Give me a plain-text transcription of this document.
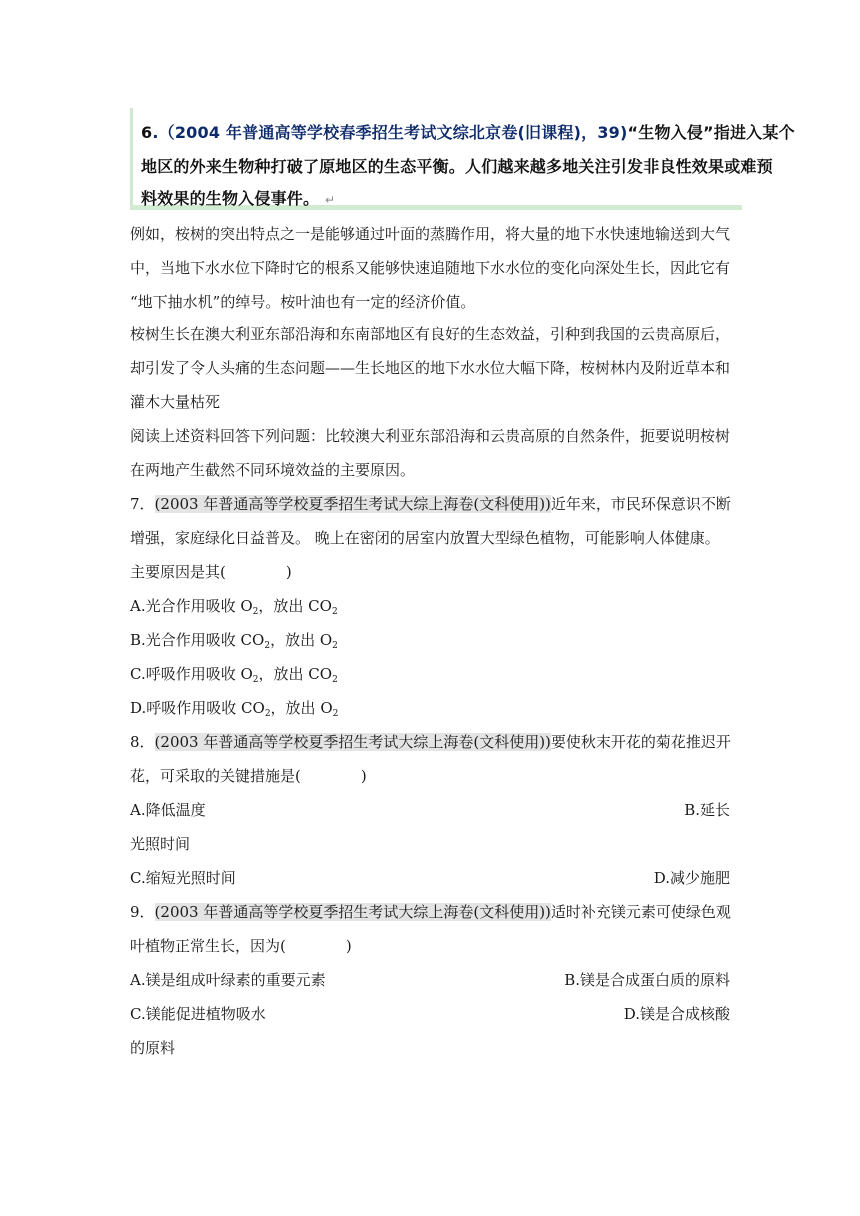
6.（2004 年普通高等学校春季招生考试文综北京卷(旧课程)，39)“生物入侵”指进入某个
地区的外来生物种打破了原地区的生态平衡。人们越来越多地关注引发非良性效果或难预
料效果的生物入侵事件。 ↵
例如，桉树的突出特点之一是能够通过叶面的蒸腾作用，将大量的地下水快速地输送到大气
中，当地下水水位下降时它的根系又能够快速追随地下水水位的变化向深处生长，因此它有
“地下抽水机”的绰号。桉叶油也有一定的经济价值。
桉树生长在澳大利亚东部沿海和东南部地区有良好的生态效益，引种到我国的云贵高原后，
却引发了令人头痛的生态问题——生长地区的地下水水位大幅下降，桉树林内及附近草本和
灌木大量枯死
阅读上述资料回答下列问题：比较澳大利亚东部沿海和云贵高原的自然条件，扼要说明桉树
在两地产生截然不同环境效益的主要原因。
7．(2003 年普通高等学校夏季招生考试大综上海卷(文科使用))近年来，市民环保意识不断
增强，家庭绿化日益普及。 晚上在密闭的居室内放置大型绿色植物，可能影响人体健康。
主要原因是其(　　　　)
A.光合作用吸收 $O_2$，放出 $CO_2$
B.光合作用吸收 $CO_2$，放出 $O_2$
C.呼吸作用吸收 $O_2$，放出 $CO_2$
D.呼吸作用吸收 $CO_2$，放出 $O_2$
8．(2003 年普通高等学校夏季招生考试大综上海卷(文科使用))要使秋末开花的菊花推迟开
花，可采取的关键措施是(　　　　)
A.降低温度	B.延长
光照时间
C.缩短光照时间	D.减少施肥
9．(2003 年普通高等学校夏季招生考试大综上海卷(文科使用))适时补充镁元素可使绿色观
叶植物正常生长，因为(　　　　)
A.镁是组成叶绿素的重要元素	B.镁是合成蛋白质的原料
C.镁能促进植物吸水	D.镁是合成核酸
的原料
